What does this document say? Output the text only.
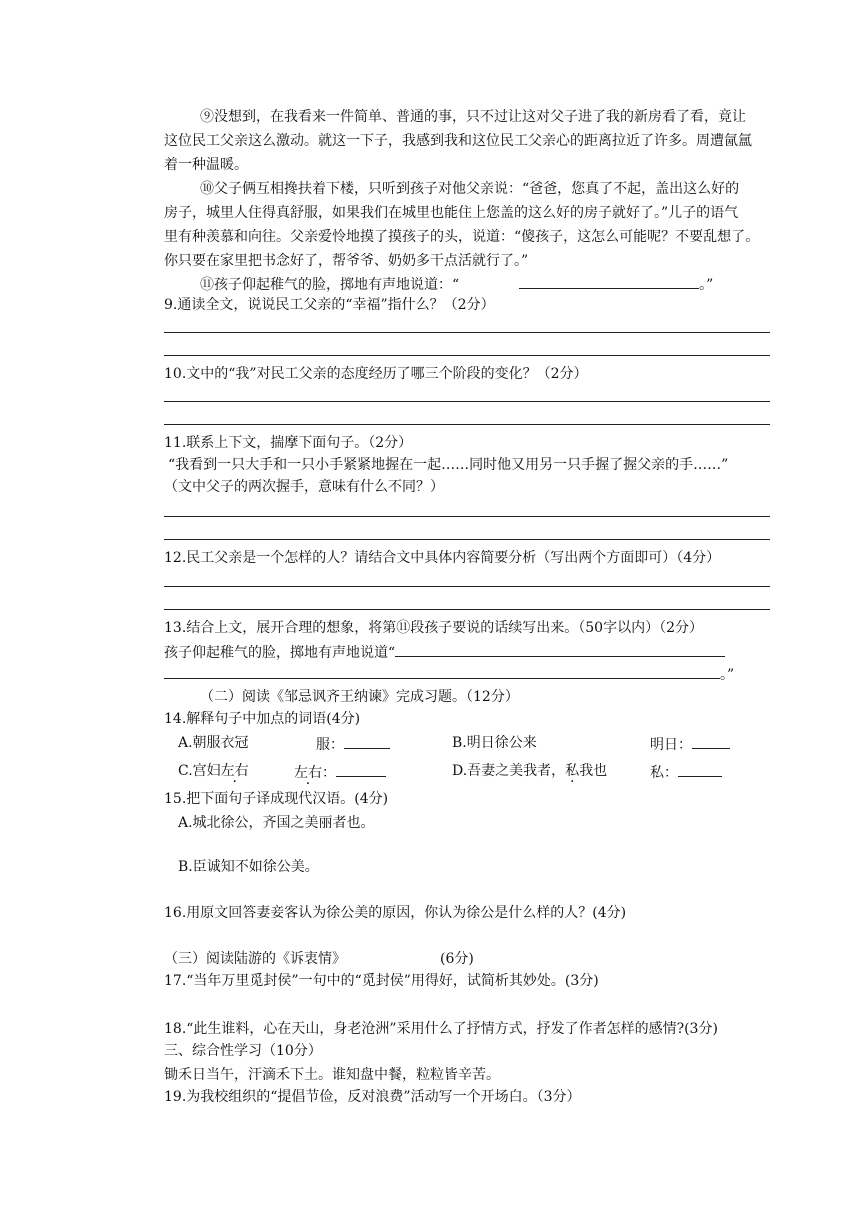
⑨没想到，在我看来一件简单、普通的事，只不过让这对父子进了我的新房看了看，竟让
这位民工父亲这么激动。就这一下子，我感到我和这位民工父亲心的距离拉近了许多。周遭氤氲
着一种温暖。
⑩父子俩互相搀扶着下楼，只听到孩子对他父亲说：“爸爸，您真了不起，盖出这么好的
房子，城里人住得真舒服，如果我们在城里也能住上您盖的这么好的房子就好了。”儿子的语气
里有种羡慕和向往。父亲爱怜地摸了摸孩子的头，说道：“傻孩子，这怎么可能呢？不要乱想了。
你只要在家里把书念好了，帮爷爷、奶奶多干点活就行了。”
⑪孩子仰起稚气的脸，掷地有声地说道：“	。”
9.通读全文，说说民工父亲的“幸福”指什么？（2分）
10.文中的“我”对民工父亲的态度经历了哪三个阶段的变化？（2分）
11.联系上下文，揣摩下面句子。（2分）
“我看到一只大手和一只小手紧紧地握在一起……同时他又用另一只手握了握父亲的手……”
（文中父子的两次握手，意味有什么不同？）
12.民工父亲是一个怎样的人？请结合文中具体内容简要分析（写出两个方面即可）（4分）
13.结合上文，展开合理的想象，将第⑪段孩子要说的话续写出来。（50字以内）（2分）
孩子仰起稚气的脸，掷地有声地说道“
。”
（二）阅读《邹忌讽齐王纳谏》完成习题。（12分）
14.解释句子中加点的词语(4分)
A.朝服衣冠	服：	B.明日徐公来	明日：
C.宫妇左右	左右：	D.吾妻之美我者，私我也	私：
15.把下面句子译成现代汉语。(4分)
A.城北徐公，齐国之美丽者也。
B.臣诚知不如徐公美。
16.用原文回答妻妾客认为徐公美的原因，你认为徐公是什么样的人？(4分)
（三）阅读陆游的《诉衷情》	(6分)
17.“当年万里觅封侯”一句中的“觅封侯”用得好，试简析其妙处。(3分)
18.“此生谁料，心在天山，身老沧洲”采用什么了抒情方式，抒发了作者怎样的感情?(3分)
三、综合性学习（10分）
锄禾日当午，汗滴禾下土。谁知盘中餐，粒粒皆辛苦。
19.为我校组织的“提倡节俭，反对浪费”活动写一个开场白。（3分）
